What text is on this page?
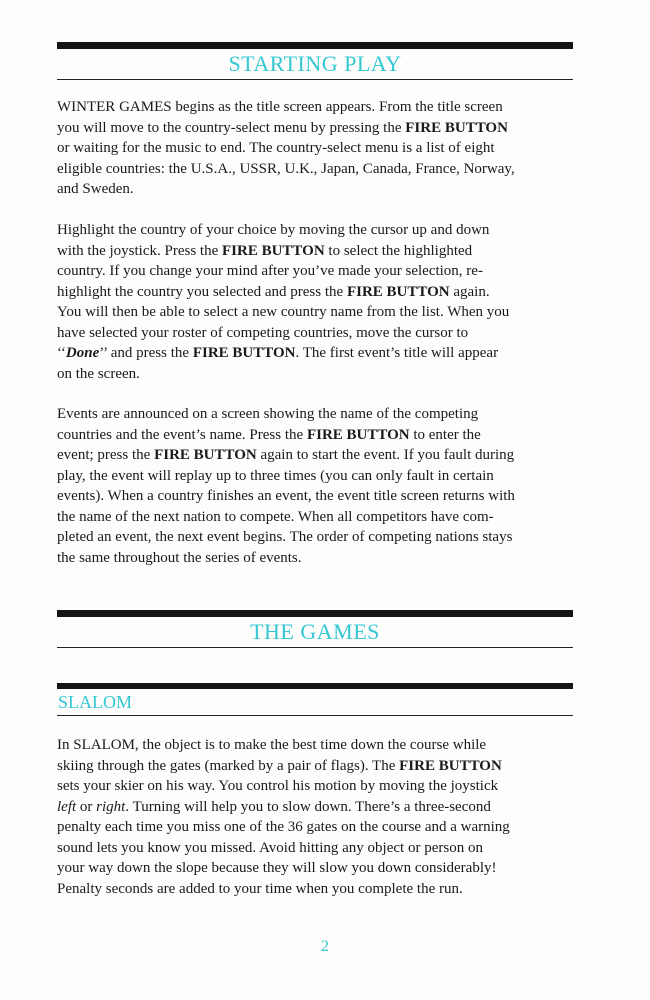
STARTING PLAY

WINTER GAMES begins as the title screen appears. From the title screen
you will move to the country-select menu by pressing the FIRE BUTTON
or waiting for the music to end. The country-select menu is a list of eight
eligible countries: the U.S.A., USSR, U.K., Japan, Canada, France, Norway,
and Sweden.

Highlight the country of your choice by moving the cursor up and down
with the joystick. Press the FIRE BUTTON to select the highlighted
country. If you change your mind after you’ve made your selection, re-
highlight the country you selected and press the FIRE BUTTON again.
You will then be able to select a new country name from the list. When you
have selected your roster of competing countries, move the cursor to
‘‘Done’’ and press the FIRE BUTTON. The first event’s title will appear
on the screen.

Events are announced on a screen showing the name of the competing
countries and the event’s name. Press the FIRE BUTTON to enter the
event; press the FIRE BUTTON again to start the event. If you fault during
play, the event will replay up to three times (you can only fault in certain
events). When a country finishes an event, the event title screen returns with
the name of the next nation to compete. When all competitors have com-
pleted an event, the next event begins. The order of competing nations stays
the same throughout the series of events.

THE GAMES
SLALOM

In SLALOM, the object is to make the best time down the course while
skiing through the gates (marked by a pair of flags). The FIRE BUTTON
sets your skier on his way. You control his motion by moving the joystick
left or right. Turning will help you to slow down. There’s a three-second
penalty each time you miss one of the 36 gates on the course and a warning
sound lets you know you missed. Avoid hitting any object or person on
your way down the slope because they will slow you down considerably!
Penalty seconds are added to your time when you complete the run.

2
